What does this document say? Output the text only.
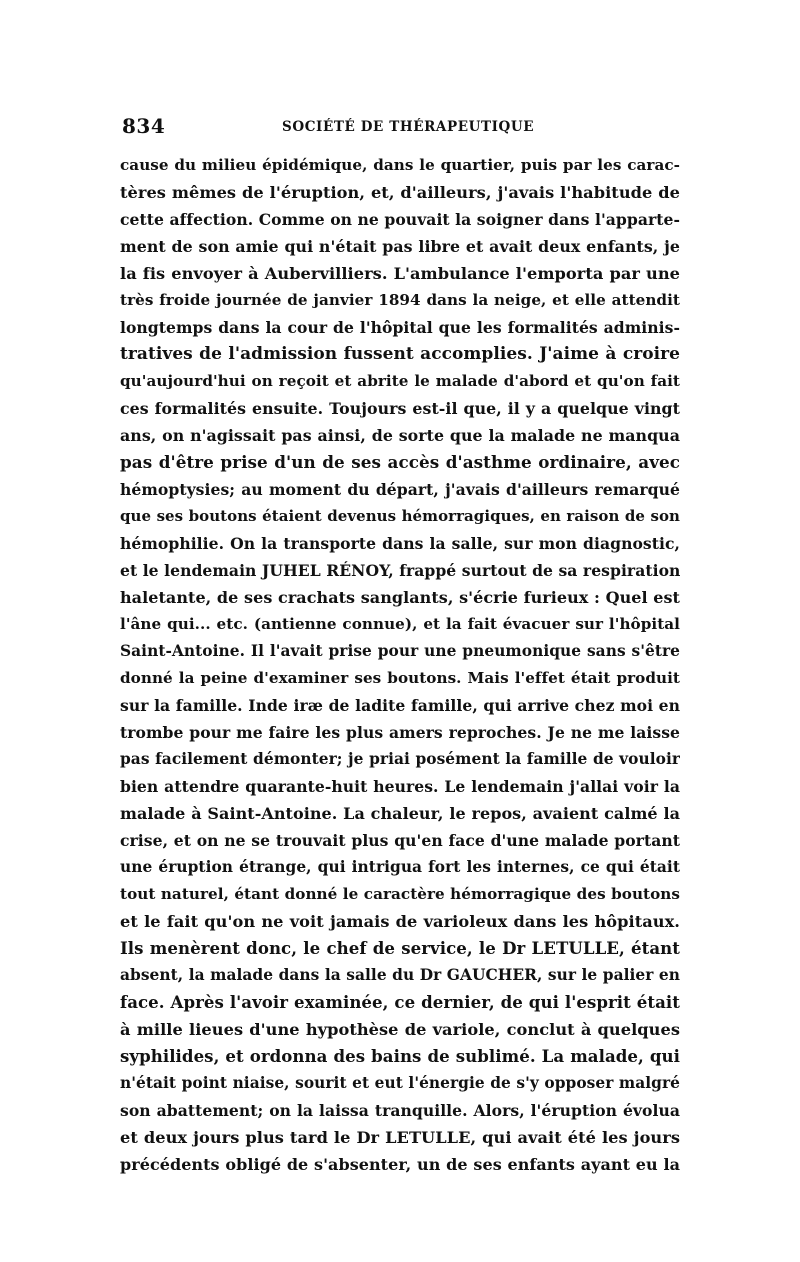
834	SOCIÉTÉ DE THÉRAPEUTIQUE
cause du milieu épidémique, dans le quartier, puis par les carac-
tères mêmes de l'éruption, et, d'ailleurs, j'avais l'habitude de
cette affection. Comme on ne pouvait la soigner dans l'apparte-
ment de son amie qui n'était pas libre et avait deux enfants, je
la fis envoyer à Aubervilliers. L'ambulance l'emporta par une
très froide journée de janvier 1894 dans la neige, et elle attendit
longtemps dans la cour de l'hôpital que les formalités adminis-
tratives de l'admission fussent accomplies. J'aime à croire
qu'aujourd'hui on reçoit et abrite le malade d'abord et qu'on fait
ces formalités ensuite. Toujours est-il que, il y a quelque vingt
ans, on n'agissait pas ainsi, de sorte que la malade ne manqua
pas d'être prise d'un de ses accès d'asthme ordinaire, avec
hémoptysies; au moment du départ, j'avais d'ailleurs remarqué
que ses boutons étaient devenus hémorragiques, en raison de son
hémophilie. On la transporte dans la salle, sur mon diagnostic,
et le lendemain JUHEL RÉNOY, frappé surtout de sa respiration
haletante, de ses crachats sanglants, s'écrie furieux : Quel est
l'âne qui... etc. (antienne connue), et la fait évacuer sur l'hôpital
Saint-Antoine. Il l'avait prise pour une pneumonique sans s'être
donné la peine d'examiner ses boutons. Mais l'effet était produit
sur la famille. Inde iræ de ladite famille, qui arrive chez moi en
trombe pour me faire les plus amers reproches. Je ne me laisse
pas facilement démonter; je priai posément la famille de vouloir
bien attendre quarante-huit heures. Le lendemain j'allai voir la
malade à Saint-Antoine. La chaleur, le repos, avaient calmé la
crise, et on ne se trouvait plus qu'en face d'une malade portant
une éruption étrange, qui intrigua fort les internes, ce qui était
tout naturel, étant donné le caractère hémorragique des boutons
et le fait qu'on ne voit jamais de varioleux dans les hôpitaux.
Ils menèrent donc, le chef de service, le Dr LETULLE, étant
absent, la malade dans la salle du Dr GAUCHER, sur le palier en
face. Après l'avoir examinée, ce dernier, de qui l'esprit était
à mille lieues d'une hypothèse de variole, conclut à quelques
syphilides, et ordonna des bains de sublimé. La malade, qui
n'était point niaise, sourit et eut l'énergie de s'y opposer malgré
son abattement; on la laissa tranquille. Alors, l'éruption évolua
et deux jours plus tard le Dr LETULLE, qui avait été les jours
précédents obligé de s'absenter, un de ses enfants ayant eu la
